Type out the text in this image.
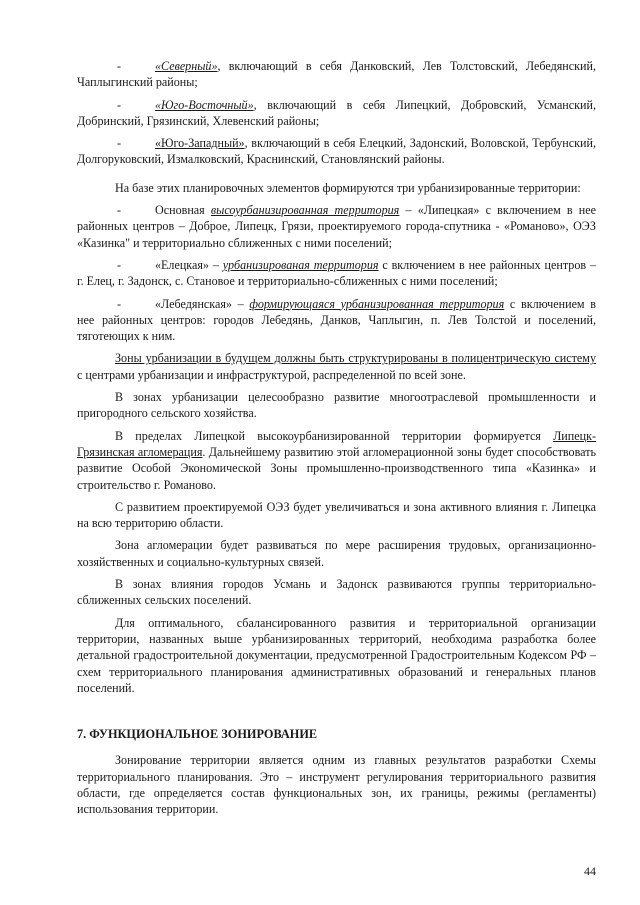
-	«Северный», включающий в себя Данковский, Лев Толстовский, Лебедянский, Чаплыгинский районы;

-	«Юго-Восточный», включающий в себя Липецкий, Добровский, Усманский, Добринский, Грязинский, Хлевенский районы;

-	«Юго-Западный», включающий в себя Елецкий, Задонский, Воловской, Тербунский, Долгоруковский, Измалковский, Краснинский, Становлянский районы.

На базе этих планировочных элементов формируются три урбанизированные территории:

-	Основная высоурбанизированная территория – «Липецкая» с включением в нее районных центров – Доброе, Липецк, Грязи, проектируемого города-спутника - «Романово», ОЭЗ «Казинка" и территориально сближенных с ними поселений;

-	«Елецкая» – урбанизированая территория с включением в нее районных центров – г. Елец, г. Задонск, с. Становое и территориально-сближенных с ними поселений;

-	«Лебедянская» – формирующаяся урбанизированная территория с включением в нее районных центров: городов Лебедянь, Данков, Чаплыгин, п. Лев Толстой и поселений, тяготеющих к ним.

Зоны урбанизации в будущем должны быть структурированы в полицентрическую систему с центрами урбанизации и инфраструктурой, распределенной по всей зоне.

В зонах урбанизации целесообразно развитие многоотраслевой промышленности и пригородного сельского хозяйства.

В пределах Липецкой высокоурбанизированной территории формируется Липецк-Грязинская агломерация. Дальнейшему развитию этой агломерационной зоны будет способствовать развитие Особой Экономической Зоны промышленно-производственного типа «Казинка» и строительство г. Романово.

С развитием проектируемой ОЭЗ будет увеличиваться и зона активного влияния г. Липецка на всю территорию области.

Зона агломерации будет развиваться по мере расширения трудовых, организационно-хозяйственных и социально-культурных связей.

В зонах влияния городов Усмань и Задонск развиваются группы территориально-сближенных сельских поселений.

Для оптимального, сбалансированного развития и территориальной организации территории, названных выше урбанизированных территорий, необходима разработка более детальной градостроительной документации, предусмотренной Градостроительным Кодексом РФ – схем территориального планирования административных образований и генеральных планов поселений.

7. ФУНКЦИОНАЛЬНОЕ ЗОНИРОВАНИЕ

Зонирование территории является одним из главных результатов разработки Схемы территориального планирования. Это – инструмент регулирования территориального развития области, где определяется состав функциональных зон, их границы, режимы (регламенты) использования территории.

44
